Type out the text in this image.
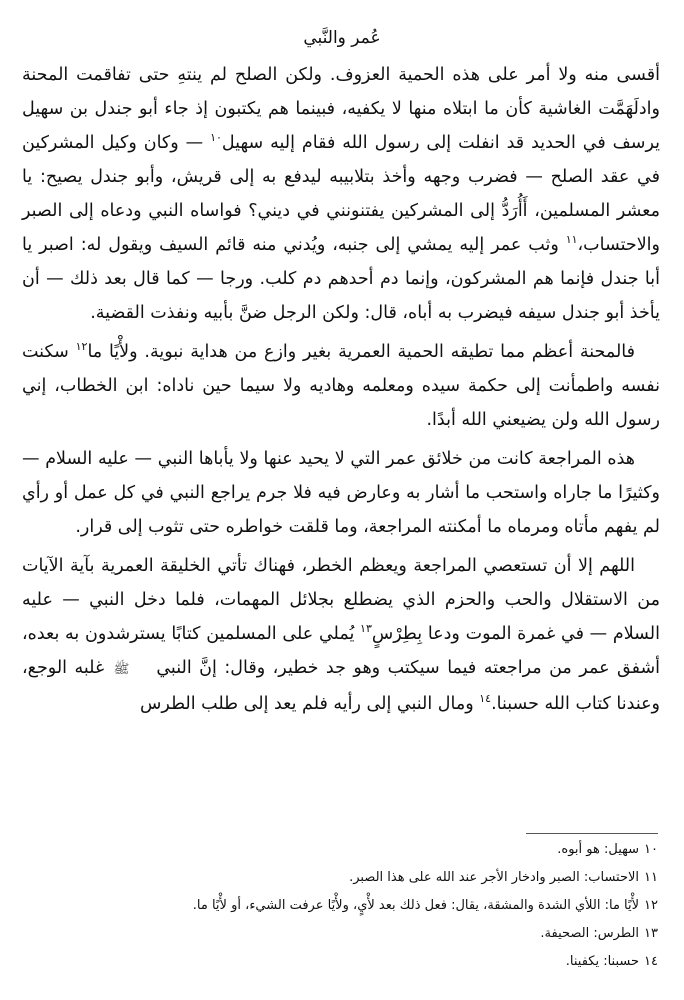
عُمر والنَّبي

أقسى منه ولا أمر على هذه الحمية العزوف. ولكن الصلح لم ينتهِ حتى تفاقمت المحنة وادلَهَمَّت الغاشية كأن ما ابتلاه منها لا يكفيه، فبينما هم يكتبون إذ جاء أبو جندل بن سهيل يرسف في الحديد قد انفلت إلى رسول الله فقام إليه سهيل$^{١٠}$ — وكان وكيل المشركين في عقد الصلح — فضرب وجهه وأخذ بتلابيبه ليدفع به إلى قريش، وأبو جندل يصيح: يا معشر المسلمين، أَأُرَدُّ إلى المشركين يفتنونني في ديني؟ فواساه النبي ودعاه إلى الصبر والاحتساب،$^{١١}$ وثب عمر إليه يمشي إلى جنبه، ويُدني منه قائم السيف ويقول له: اصبر يا أبا جندل فإنما هم المشركون، وإنما دم أحدهم دم كلب. ورجا — كما قال بعد ذلك — أن يأخذ أبو جندل سيفه فيضرب به أباه، قال: ولكن الرجل ضنَّ بأبيه ونفذت القضية.

فالمحنة أعظم مما تطيقه الحمية العمرية بغير وازع من هداية نبوية. ولأْيًا ما$^{١٢}$ سكنت نفسه واطمأنت إلى حكمة سيده ومعلمه وهاديه ولا سيما حين ناداه: ابن الخطاب، إني رسول الله ولن يضيعني الله أبدًا.

هذه المراجعة كانت من خلائق عمر التي لا يحيد عنها ولا يأباها النبي — عليه السلام — وكثيرًا ما جاراه واستحب ما أشار به وعارض فيه فلا جرم يراجع النبي في كل عمل أو رأي لم يفهم مأتاه ومرماه ما أمكنته المراجعة، وما قلقت خواطره حتى تثوب إلى قرار.

اللهم إلا أن تستعصي المراجعة ويعظم الخطر، فهناك تأتي الخليقة العمرية بآية الآيات من الاستقلال والحب والحزم الذي يضطلع بجلائل المهمات، فلما دخل النبي — عليه السلام — في غمرة الموت ودعا بِطِرْسٍ$^{١٣}$ يُملي على المسلمين كتابًا يسترشدون به بعده، أشفق عمر من مراجعته فيما سيكتب وهو جد خطير، وقال: إنَّ النبيﷺ غلبه الوجع، وعندنا كتاب الله حسبنا.$^{١٤}$ ومال النبي إلى رأيه فلم يعد إلى طلب الطرس

١٠سهيل: هو أبوه.
١١الاحتساب: الصبر وادخار الأجر عند الله على هذا الصبر.
١٢لأْيًا ما: اللأي الشدة والمشقة، يقال: فعل ذلك بعد لأْيٍ، ولأْيًا عرفت الشيء، أو لأْيًا ما.
١٣الطرس: الصحيفة.
١٤حسبنا: يكفينا.
